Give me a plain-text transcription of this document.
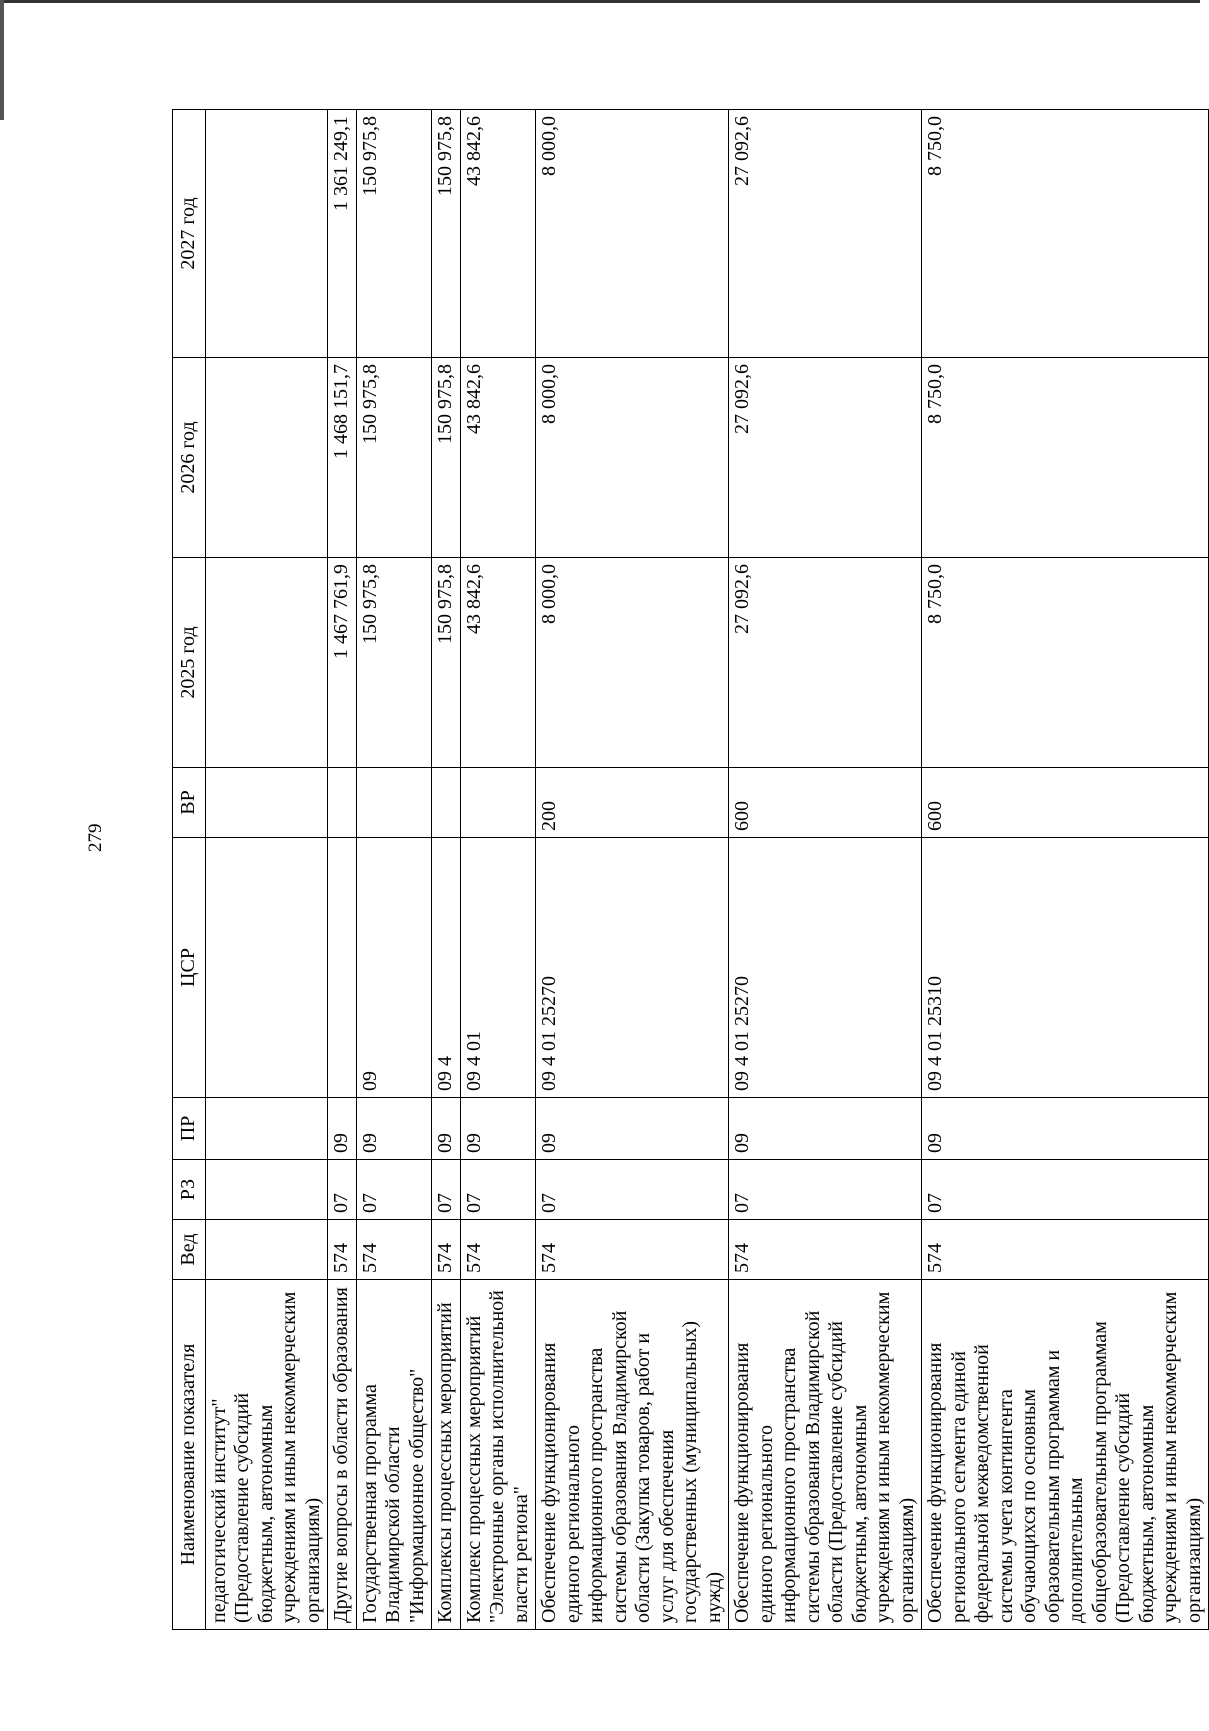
279
Наименование показателя	Вед	РЗ	ПР	ЦСР	ВР	2025 год	2026 год	2027 год
педагогический институт" (Предоставление субсидий бюджетным, автономным учреждениям и иным некоммерческим организациям)								
Другие вопросы в области образования	574	07	09			1 467 761,9	1 468 151,7	1 361 249,1
Государственная программа Владимирской области "Информационное общество"	574	07	09	09		150 975,8	150 975,8	150 975,8
Комплексы процессных мероприятий	574	07	09	09 4		150 975,8	150 975,8	150 975,8
Комплекс процессных мероприятий "Электронные органы исполнительной власти региона"	574	07	09	09 4 01		43 842,6	43 842,6	43 842,6
Обеспечение функционирования единого регионального информационного пространства системы образования Владимирской области (Закупка товаров, работ и услуг для обеспечения государственных (муниципальных) нужд)	574	07	09	09 4 01 25270	200	8 000,0	8 000,0	8 000,0
Обеспечение функционирования единого регионального информационного пространства системы образования Владимирской области (Предоставление субсидий бюджетным, автономным учреждениям и иным некоммерческим организациям)	574	07	09	09 4 01 25270	600	27 092,6	27 092,6	27 092,6
Обеспечение функционирования регионального сегмента единой федеральной межведомственной системы учета контингента обучающихся по основным образовательным программам и дополнительным общеобразовательным программам (Предоставление субсидий бюджетным, автономным учреждениям и иным некоммерческим организациям)	574	07	09	09 4 01 25310	600	8 750,0	8 750,0	8 750,0
